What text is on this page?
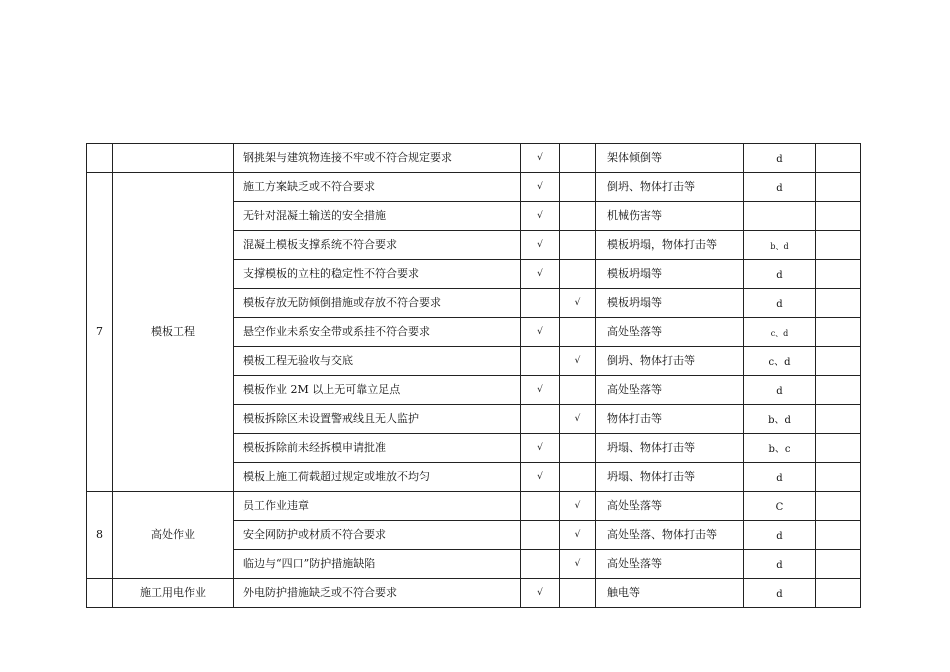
		钢挑架与建筑物连接不牢或不符合规定要求	√		架体倾倒等	d	
7	模板工程	施工方案缺乏或不符合要求	√		倒坍、物体打击等	d	
		无针对混凝土输送的安全措施	√		机械伤害等		
		混凝土模板支撑系统不符合要求	√		模板坍塌，物体打击等	b、d	
		支撑模板的立柱的稳定性不符合要求	√		模板坍塌等	d	
		模板存放无防倾倒措施或存放不符合要求		√	模板坍塌等	d	
		悬空作业未系安全带或系挂不符合要求	√		高处坠落等	c、d	
		模板工程无验收与交底		√	倒坍、物体打击等	c、d	
		模板作业 2M 以上无可靠立足点	√		高处坠落等	d	
		模板拆除区未设置警戒线且无人监护		√	物体打击等	b、d	
		模板拆除前未经拆模申请批准	√		坍塌、物体打击等	b、c	
		模板上施工荷载超过规定或堆放不均匀	√		坍塌、物体打击等	d	
8	高处作业	员工作业违章		√	高处坠落等	C	
		安全网防护或材质不符合要求		√	高处坠落、物体打击等	d	
		临边与“四口”防护措施缺陷		√	高处坠落等	d	
	施工用电作业	外电防护措施缺乏或不符合要求	√		触电等	d	
